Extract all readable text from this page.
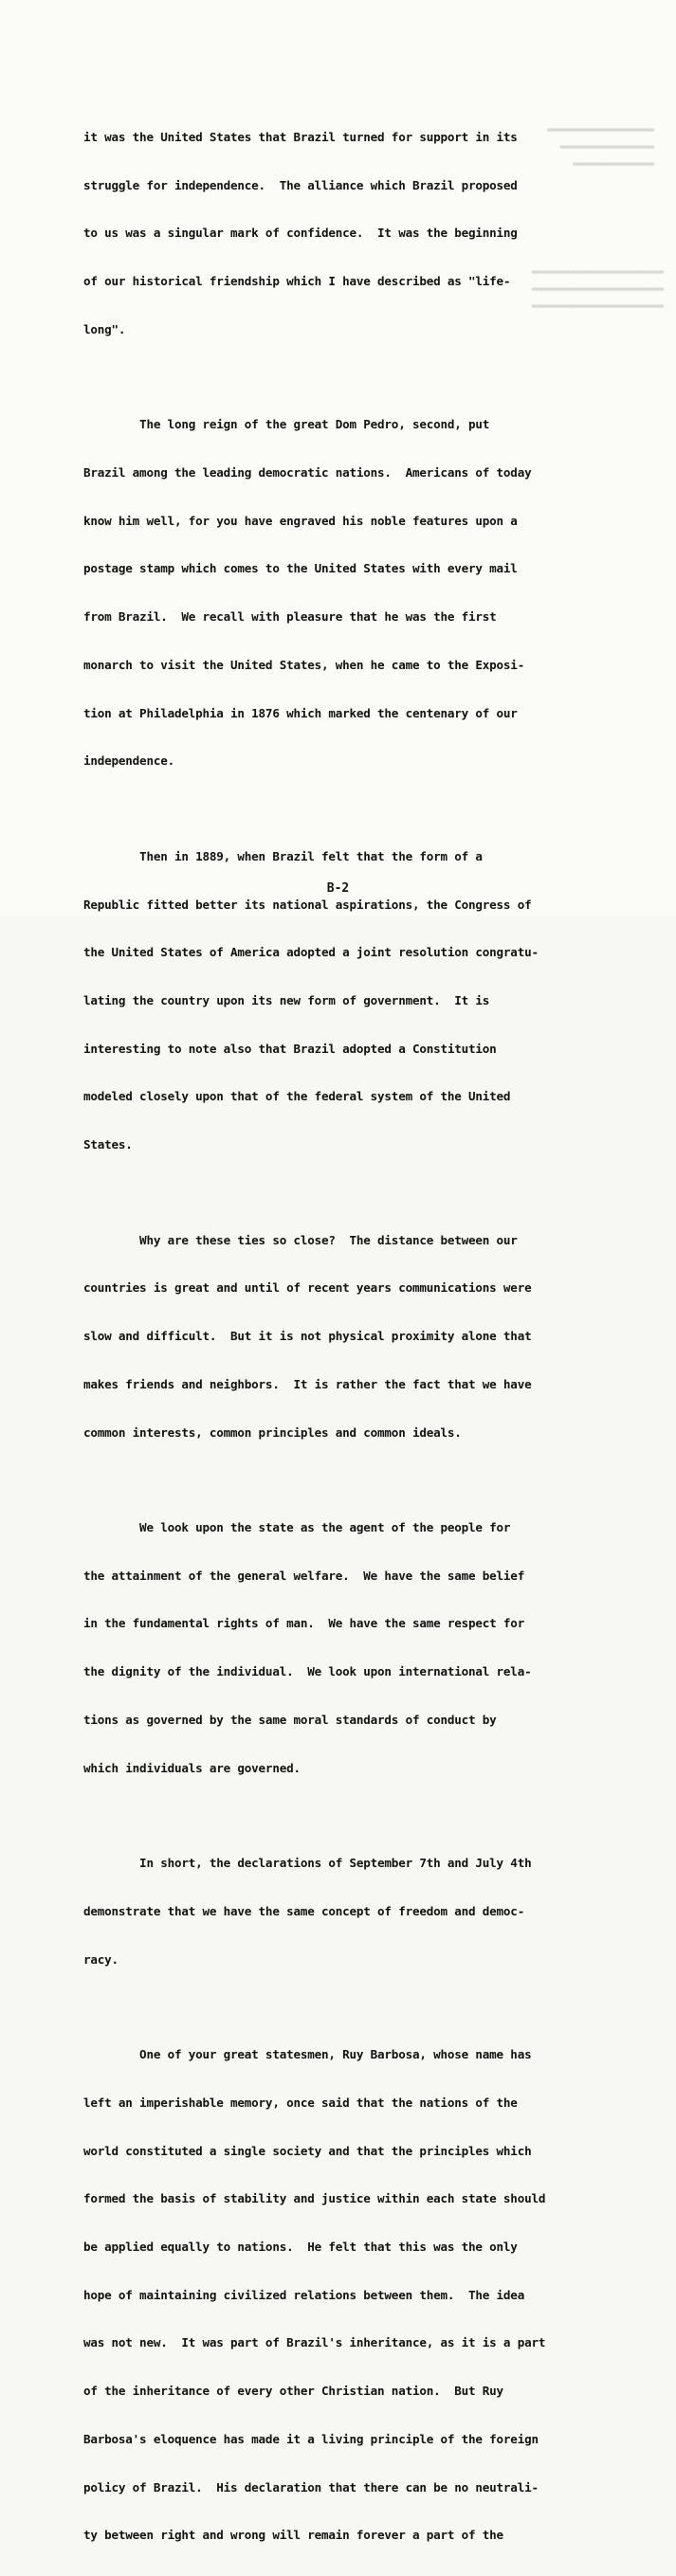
▬▬▬▬▬▬▬▬▬▬▬▬▬▬▬▬▬
▬▬▬▬▬▬▬▬▬▬▬▬▬▬▬
▬▬▬▬▬▬▬▬▬▬▬▬▬
▬▬▬▬▬▬▬▬▬▬▬▬▬▬▬▬▬▬▬▬▬
▬▬▬▬▬▬▬▬▬▬▬▬▬▬▬▬▬▬▬▬▬
▬▬▬▬▬▬▬▬▬▬▬▬▬▬▬▬▬▬▬▬▬

it was the United States that Brazil turned for support in its

struggle for independence.  The alliance which Brazil proposed

to us was a singular mark of confidence.  It was the beginning

of our historical friendship which I have described as "life-

long".

The long reign of the great Dom Pedro, second, put

Brazil among the leading democratic nations.  Americans of today

know him well, for you have engraved his noble features upon a

postage stamp which comes to the United States with every mail

from Brazil.  We recall with pleasure that he was the first

monarch to visit the United States, when he came to the Exposi-

tion at Philadelphia in 1876 which marked the centenary of our

independence.

Then in 1889, when Brazil felt that the form of a

Republic fitted better its national aspirations, the Congress of

the United States of America adopted a joint resolution congratu-

lating the country upon its new form of government.  It is

interesting to note also that Brazil adopted a Constitution

modeled closely upon that of the federal system of the United

States.

Why are these ties so close?  The distance between our

countries is great and until of recent years communications were

slow and difficult.  But it is not physical proximity alone that

makes friends and neighbors.  It is rather the fact that we have

common interests, common principles and common ideals.

We look upon the state as the agent of the people for

the attainment of the general welfare.  We have the same belief

in the fundamental rights of man.  We have the same respect for

the dignity of the individual.  We look upon international rela-

tions as governed by the same moral standards of conduct by

which individuals are governed.

In short, the declarations of September 7th and July 4th

demonstrate that we have the same concept of freedom and democ-

racy.

One of your great statesmen, Ruy Barbosa, whose name has

left an imperishable memory, once said that the nations of the

world constituted a single society and that the principles which

formed the basis of stability and justice within each state should

be applied equally to nations.  He felt that this was the only

hope of maintaining civilized relations between them.  The idea

was not new.  It was part of Brazil's inheritance, as it is a part

of the inheritance of every other Christian nation.  But Ruy

Barbosa's eloquence has made it a living principle of the foreign

policy of Brazil.  His declaration that there can be no neutrali-

ty between right and wrong will remain forever a part of the

B-2
